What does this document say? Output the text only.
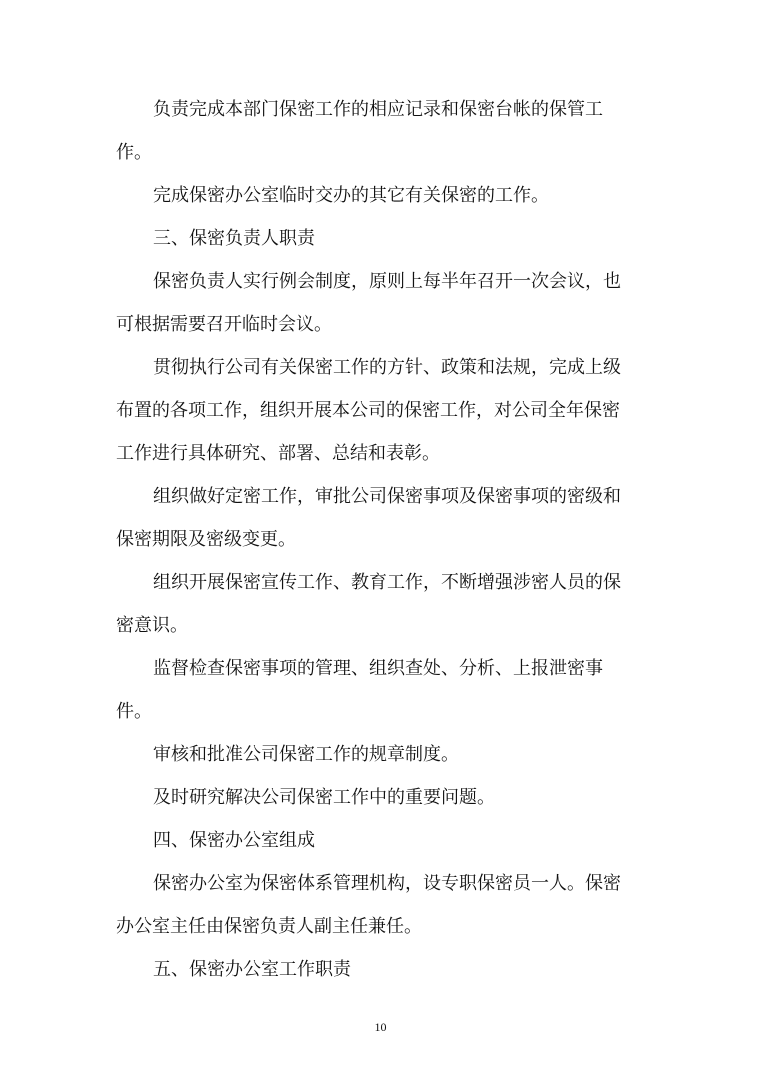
负责完成本部门保密工作的相应记录和保密台帐的保管工作。

完成保密办公室临时交办的其它有关保密的工作。

三、保密负责人职责

保密负责人实行例会制度，原则上每半年召开一次会议，也可根据需要召开临时会议。

贯彻执行公司有关保密工作的方针、政策和法规，完成上级布置的各项工作，组织开展本公司的保密工作，对公司全年保密工作进行具体研究、部署、总结和表彰。

组织做好定密工作，审批公司保密事项及保密事项的密级和保密期限及密级变更。

组织开展保密宣传工作、教育工作，不断增强涉密人员的保密意识。

监督检查保密事项的管理、组织查处、分析、上报泄密事件。

审核和批准公司保密工作的规章制度。

及时研究解决公司保密工作中的重要问题。

四、保密办公室组成

保密办公室为保密体系管理机构，设专职保密员一人。保密办公室主任由保密负责人副主任兼任。

五、保密办公室工作职责

10
